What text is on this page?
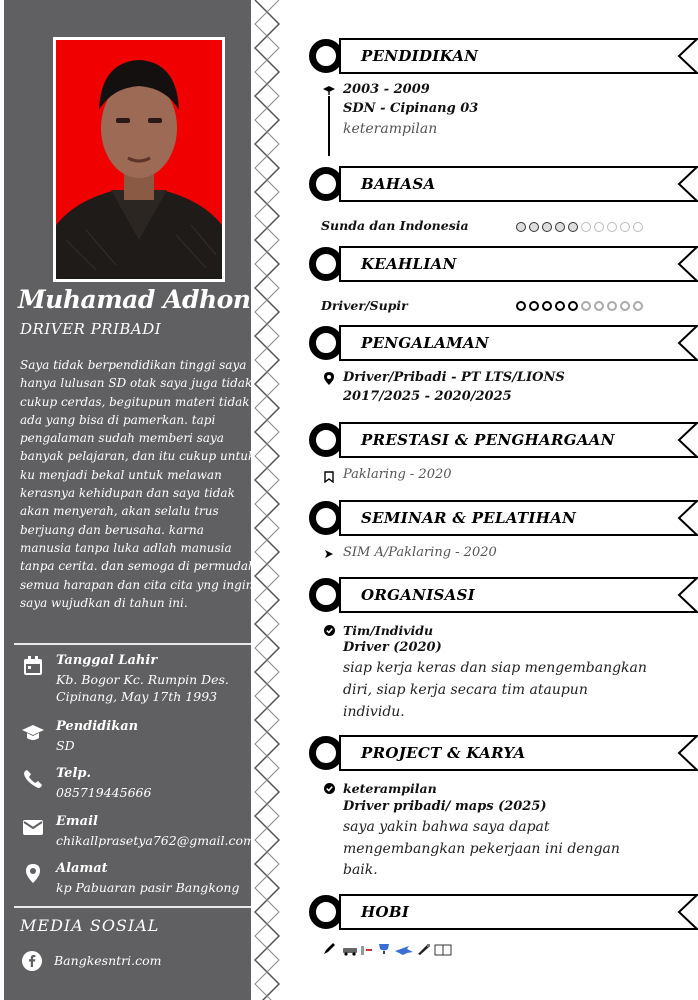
Muhamad Adhon
DRIVER PRIBADI
Saya tidak berpendidikan tinggi saya hanya lulusan SD otak saya juga tidak cukup cerdas, begitupun materi tidak ada yang bisa di pamerkan. tapi pengalaman sudah memberi saya banyak pelajaran, dan itu cukup untuk ku menjadi bekal untuk melawan kerasnya kehidupan dan saya tidak akan menyerah, akan selalu trus berjuang dan berusaha. karna manusia tanpa luka adlah manusia tanpa cerita. dan semoga di permudah semua harapan dan cita cita yng ingin saya wujudkan di tahun ini.
Tanggal Lahir
Kb. Bogor Kc. Rumpin Des.
Cipinang, May 17th 1993
Pendidikan
SD
Telp.
085719445666
Email
chikallprasetya762@gmail.com
Alamat
kp Pabuaran pasir Bangkong
MEDIA SOSIAL
Bangkesntri.com
PENDIDIKAN
2003 - 2009
SDN - Cipinang 03
keterampilan
BAHASA
Sunda dan Indonesia
KEAHLIAN
Driver/Supir
PENGALAMAN
Driver/Pribadi - PT LTS/LIONS
2017/2025 - 2020/2025
PRESTASI & PENGHARGAAN
Paklaring - 2020
SEMINAR & PELATIHAN
SIM A/Paklaring - 2020
ORGANISASI
Tim/Individu
Driver (2020)
siap kerja keras dan siap mengembangkan
diri, siap kerja secara tim ataupun
individu.
PROJECT & KARYA
keterampilan
Driver pribadi/ maps (2025)
saya yakin bahwa saya dapat
mengembangkan pekerjaan ini dengan
baik.
HOBI
